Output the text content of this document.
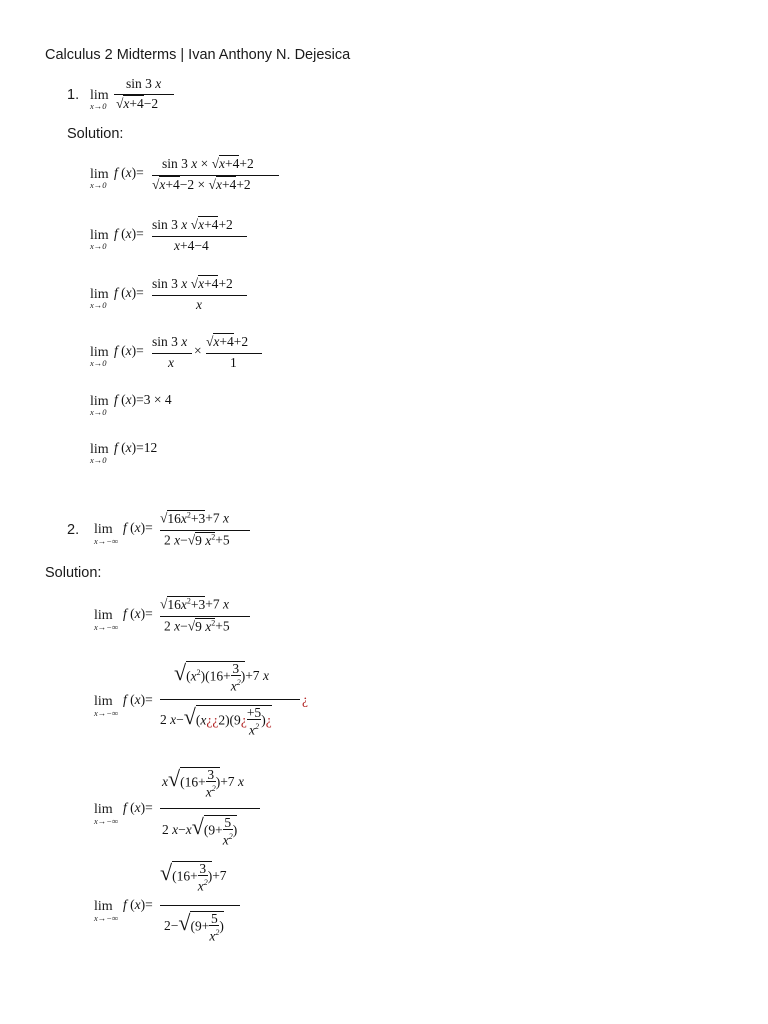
Calculus 2 Midterms | Ivan Anthony N. Dejesica
1. lim
x→0
sin 3 x
√x+4−2
Solution:
lim
x→0
f (x)=
sin 3 x × √x+4+2
√x+4−2 × √x+4+2
lim
x→0
f (x)=
sin 3 x √x+4+2
x+4−4
lim
x→0
f (x)=
sin 3 x √x+4+2
x
lim
x→0
f (x)=
sin 3 x
x
×
√x+4+2
1
lim
x→0
f (x)=3 × 4
lim
x→0
f (x)=12
2. lim
x→−∞
f (x)=
$√16x^2+3+7$ x
2 x−√9 $x^2+5$
Solution:
lim
x→−∞
f (x)=
$√16x^2+3+7$ x
2 x−√9 $x^2+5$
lim
x→−∞
f (x)=
$√(x^2)(16+ \frac{3}{x^2} )+7$ x
2 x−√(x¿¿2)(9¿ $\frac{+5}{x^2}$ )¿
¿
lim
x→−∞
f (x)=
$x√(16+ \frac{3}{x^2} )+7$ x
2 $x-x√(9+ \frac{5}{x^2}$ )
lim
x→−∞
f (x)=
$√(16+ \frac{3}{x^2} )+7$
$2-√(9+ \frac{5}{x^2}$ )
